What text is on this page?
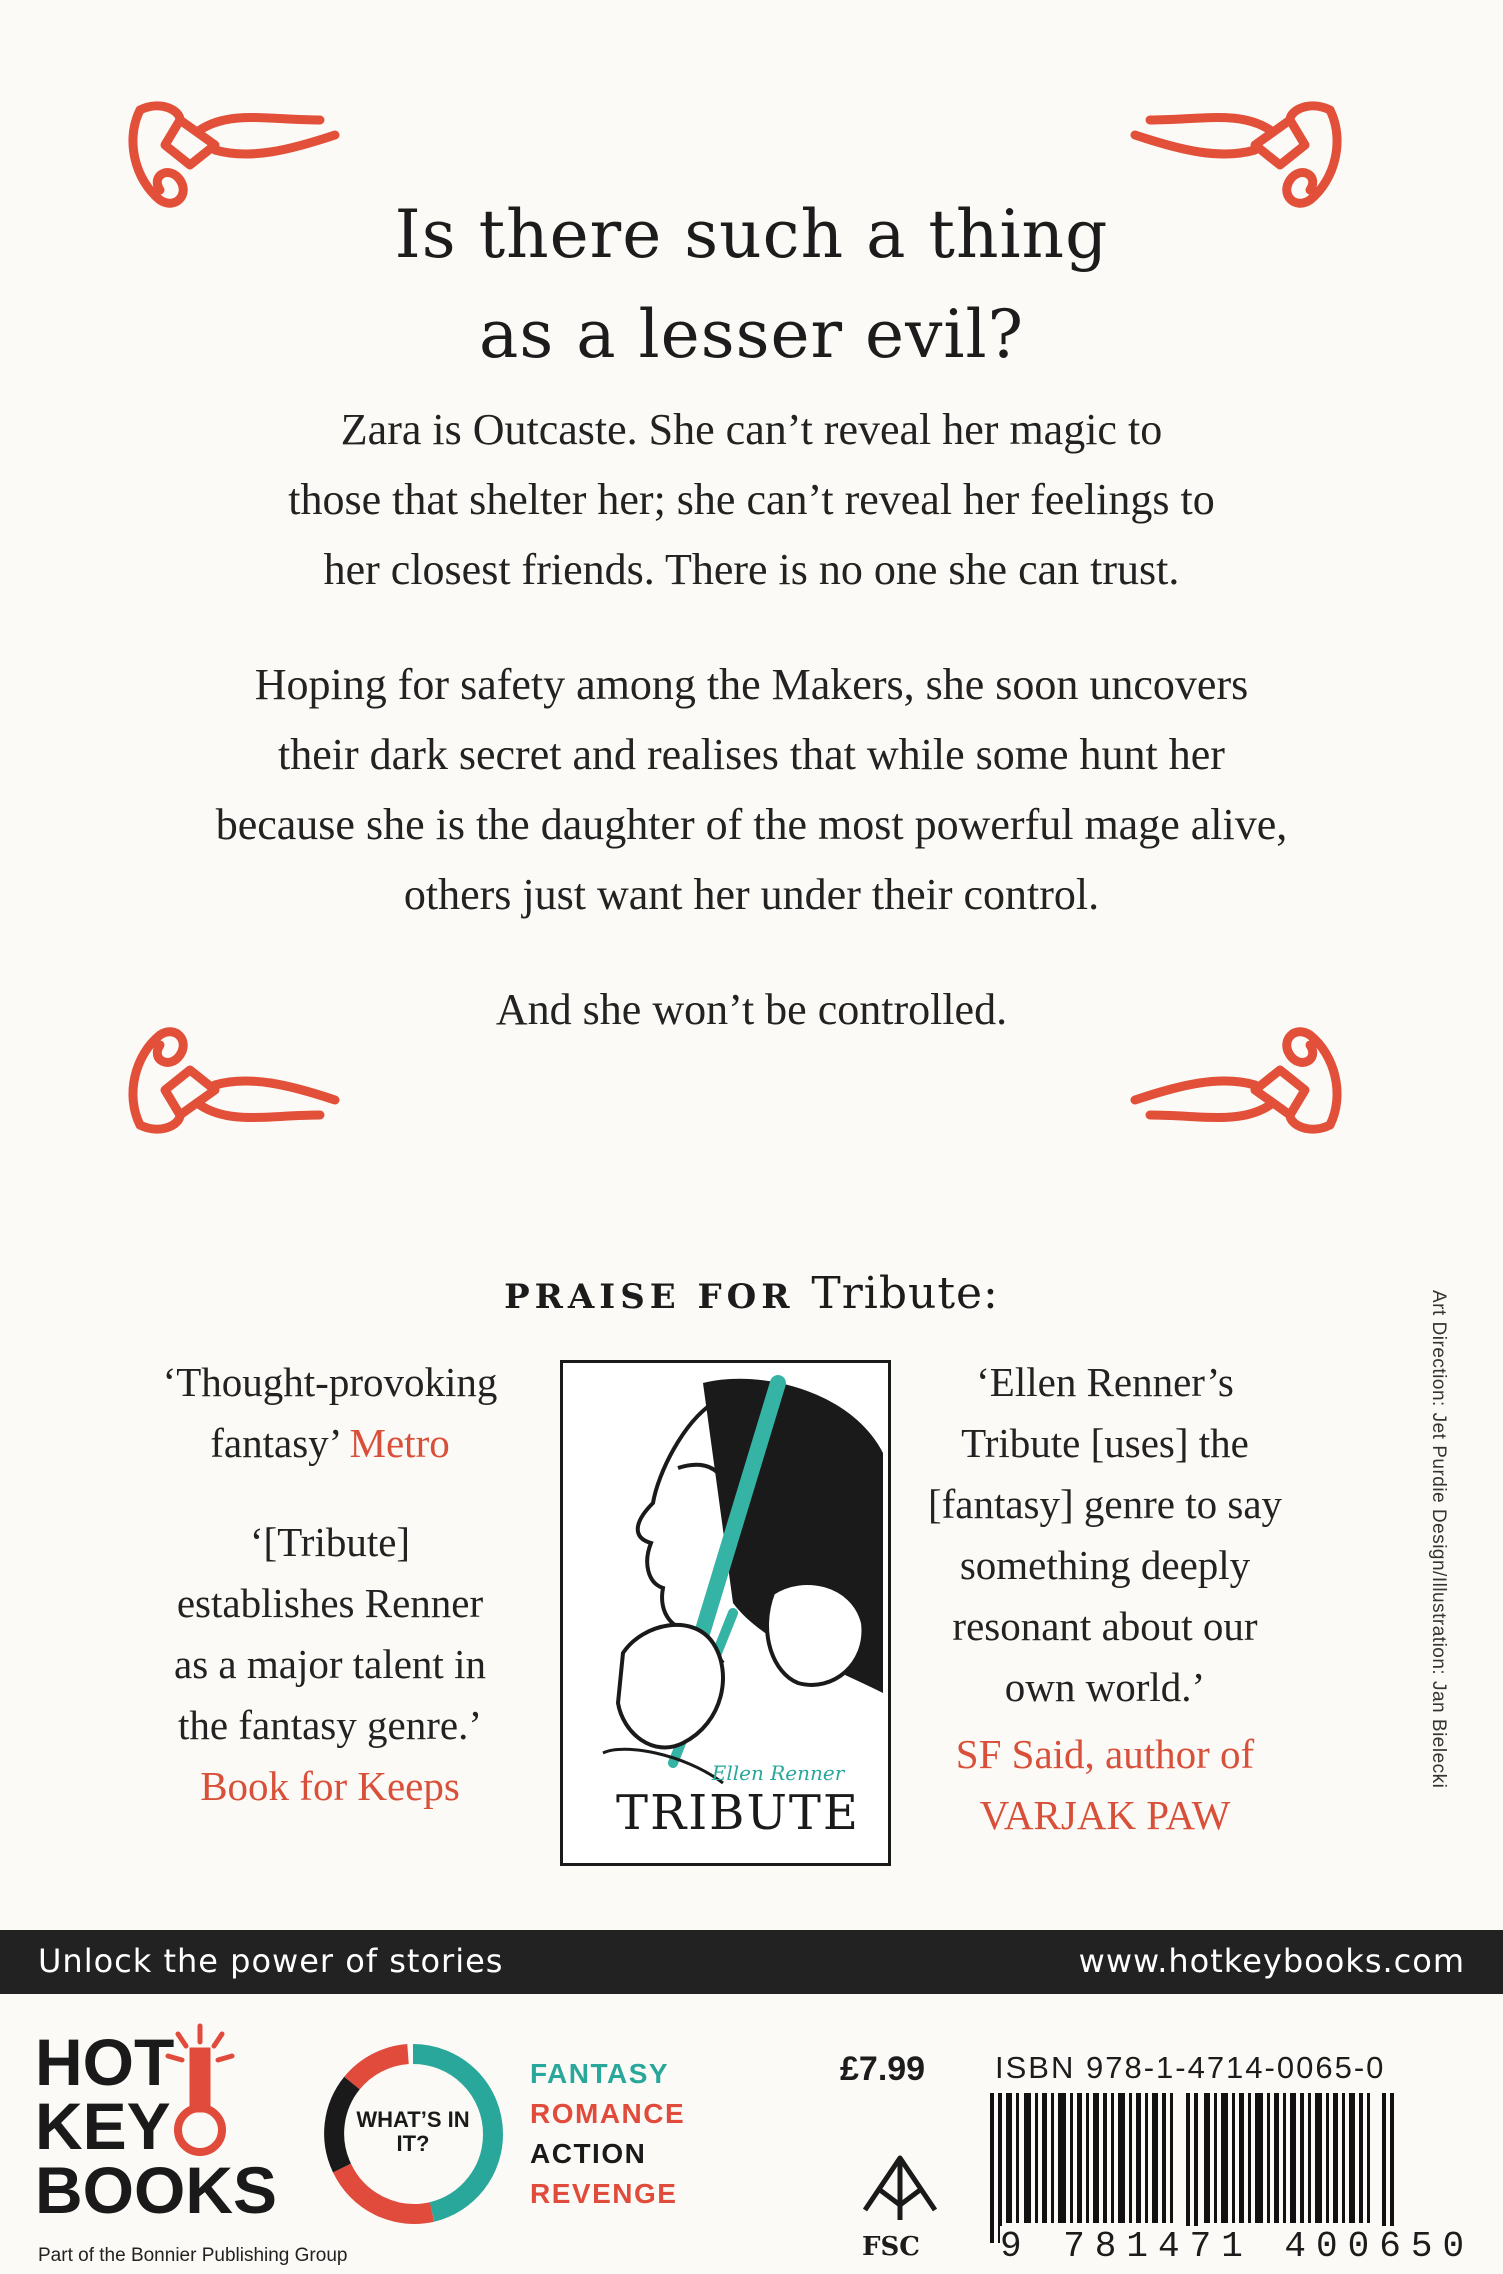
Is there such a thing
as a lesser evil?
Zara is Outcaste. She can’t reveal her magic to
those that shelter her; she can’t reveal her feelings to
her closest friends. There is no one she can trust.
Hoping for safety among the Makers, she soon uncovers
their dark secret and realises that while some hunt her
because she is the daughter of the most powerful mage alive,
others just want her under their control.
And she won’t be controlled.
PRAISE FOR Tribute:
‘Thought-provoking
fantasy’ Metro
‘[Tribute]
establishes Renner
as a major talent in
the fantasy genre.’
Book for Keeps	Ellen Renner
TRIBUTE
‘Ellen Renner’s
Tribute [uses] the
[fantasy] genre to say
something deeply
resonant about our
own world.’
SF Said, author of
VARJAK PAW
Art Direction: Jet Purdie Design/Illustration: Jan Bielecki
Unlock the power of stories	www.hotkeybooks.com
HOT
KEY
BOOKS
Part of the Bonnier Publishing Group
WHAT’S IN IT?
FANTASY
ROMANCE
ACTION
REVENGE
£7.99 ISBN 978-1-4714-0065-0
FSC 9 781471 400650
